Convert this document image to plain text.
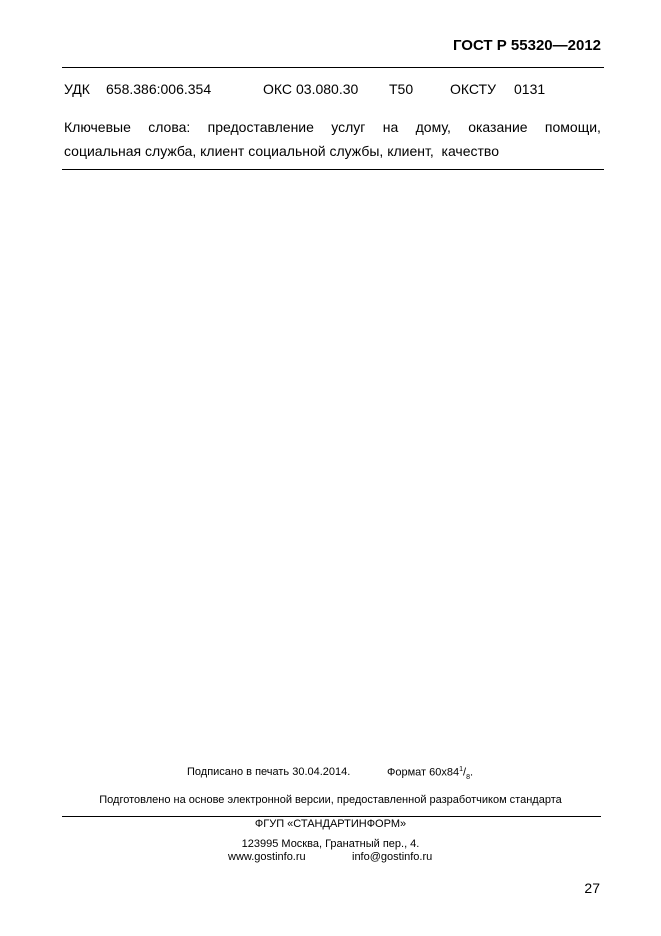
ГОСТ Р 55320—2012
УДК 658.386:006.354	ОКС 03.080.30 Т50	ОКСТУ 0131
Ключевые слова: предоставление услуг на дому, оказание помощи,
социальная служба, клиент социальной службы, клиент,  качество
Подписано в печать 30.04.2014.	Формат $60х84^1/_8$.
Подготовлено на основе электронной версии, предоставленной разработчиком стандарта
ФГУП «СТАНДАРТИНФОРМ»
123995 Москва, Гранатный пер., 4.
www.gostinfo.ru	info@gostinfo.ru
27
